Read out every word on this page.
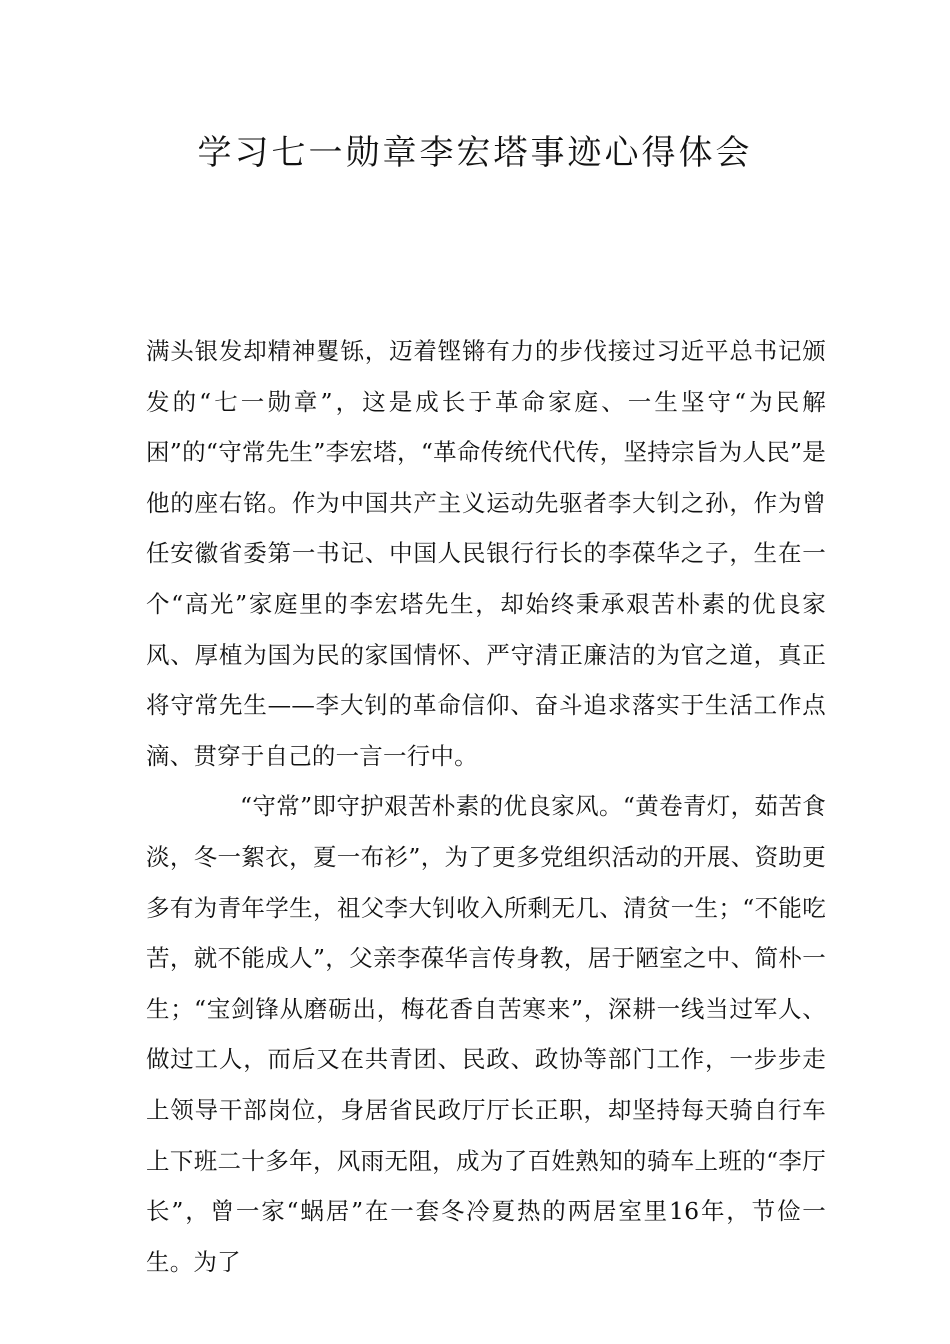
学习七一勋章李宏塔事迹心得体会

满头银发却精神矍铄，迈着铿锵有力的步伐接过习近平总书记颁发的“七一勋章”，这是成长于革命家庭、一生坚守“为民解困”的“守常先生”李宏塔，“革命传统代代传，坚持宗旨为人民”是他的座右铭。作为中国共产主义运动先驱者李大钊之孙，作为曾任安徽省委第一书记、中国人民银行行长的李葆华之子，生在一个“高光”家庭里的李宏塔先生，却始终秉承艰苦朴素的优良家风、厚植为国为民的家国情怀、严守清正廉洁的为官之道，真正将守常先生——李大钊的革命信仰、奋斗追求落实于生活工作点滴、贯穿于自己的一言一行中。

“守常”即守护艰苦朴素的优良家风。“黄卷青灯，茹苦食淡，冬一絮衣，夏一布衫”，为了更多党组织活动的开展、资助更多有为青年学生，祖父李大钊收入所剩无几、清贫一生；“不能吃苦，就不能成人”，父亲李葆华言传身教，居于陋室之中、简朴一生；“宝剑锋从磨砺出，梅花香自苦寒来”，深耕一线当过军人、做过工人，而后又在共青团、民政、政协等部门工作，一步步走上领导干部岗位，身居省民政厅厅长正职，却坚持每天骑自行车上下班二十多年，风雨无阻，成为了百姓熟知的骑车上班的“李厅长”，曾一家“蜗居”在一套冬冷夏热的两居室里16年，节俭一生。为了
